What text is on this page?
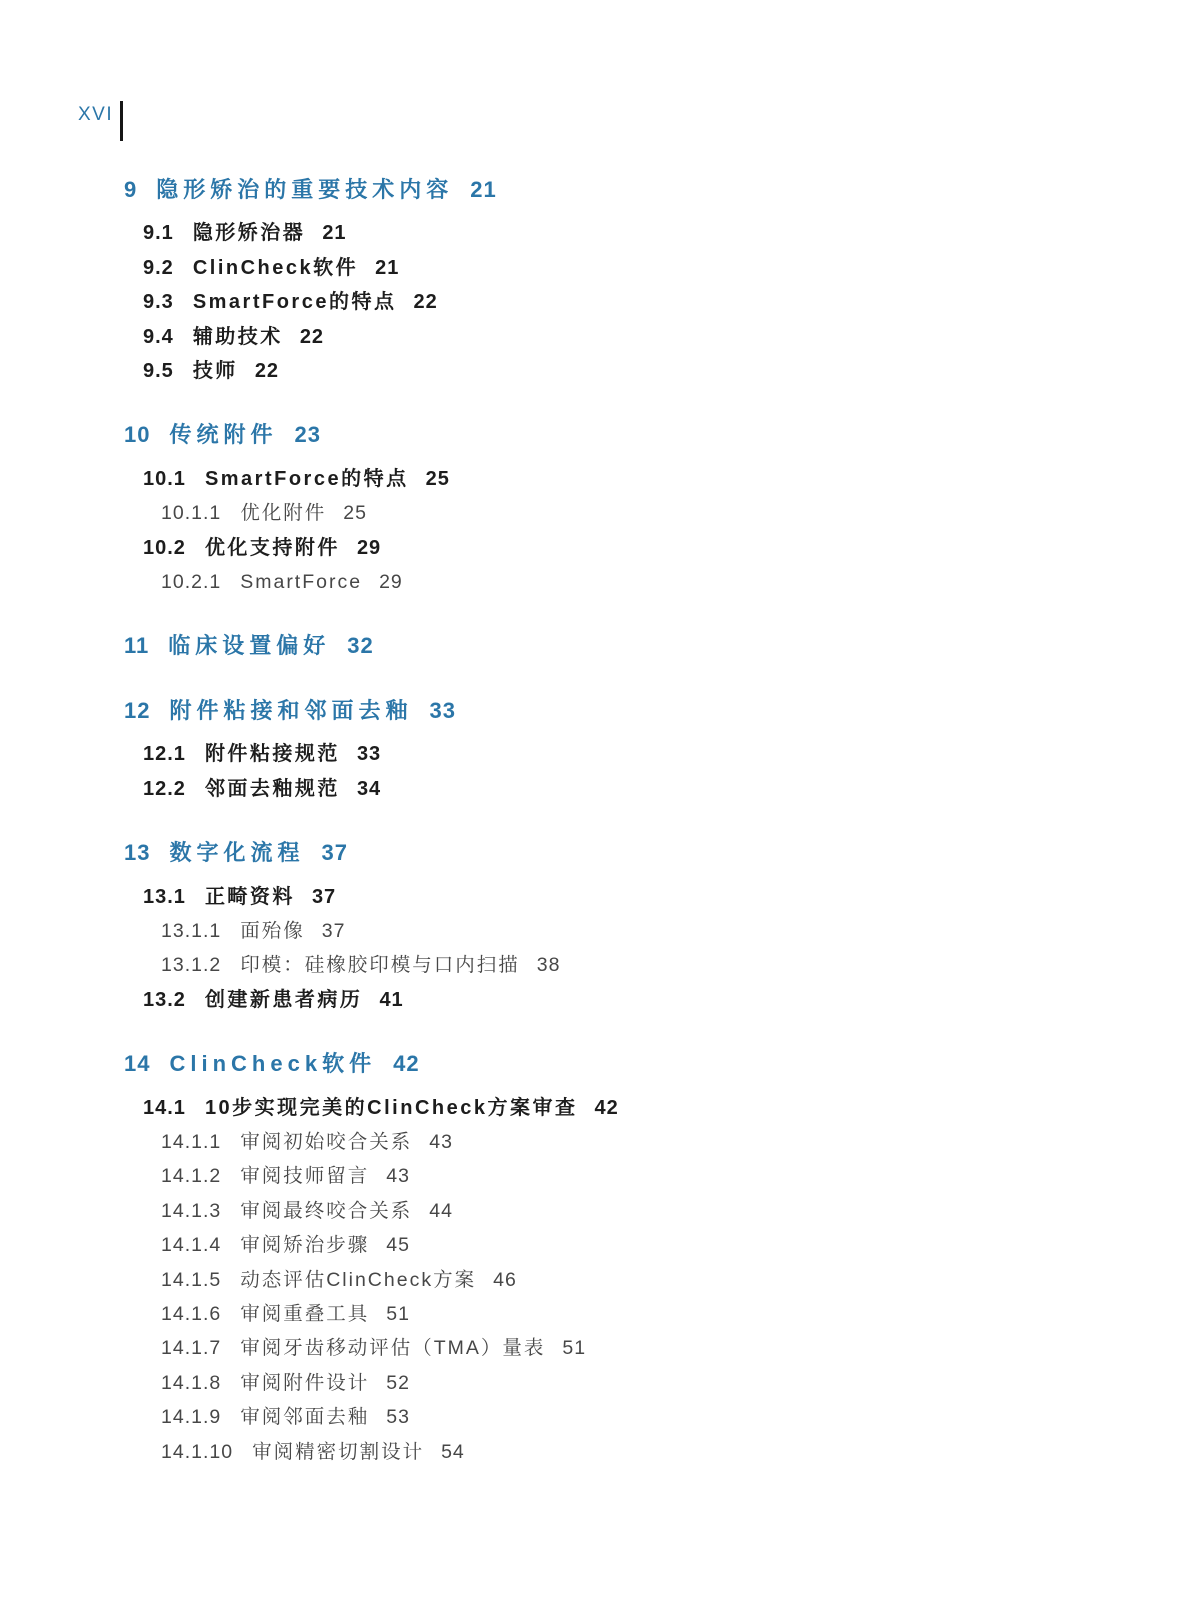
XVI
9 隐形矫治的重要技术内容 21
9.1 隐形矫治器 21
9.2 ClinCheck软件 21
9.3 SmartForce的特点 22
9.4 辅助技术 22
9.5 技师 22
10 传统附件 23
10.1 SmartForce的特点 25
10.1.1 优化附件 25
10.2 优化支持附件 29
10.2.1 SmartForce 29
11 临床设置偏好 32
12 附件粘接和邻面去釉 33
12.1 附件粘接规范 33
12.2 邻面去釉规范 34
13 数字化流程 37
13.1 正畸资料 37
13.1.1 面殆像 37
13.1.2 印模：硅橡胶印模与口内扫描 38
13.2 创建新患者病历 41
14 ClinCheck软件 42
14.1 10步实现完美的ClinCheck方案审查 42
14.1.1 审阅初始咬合关系 43
14.1.2 审阅技师留言 43
14.1.3 审阅最终咬合关系 44
14.1.4 审阅矫治步骤 45
14.1.5 动态评估ClinCheck方案 46
14.1.6 审阅重叠工具 51
14.1.7 审阅牙齿移动评估（TMA）量表 51
14.1.8 审阅附件设计 52
14.1.9 审阅邻面去釉 53
14.1.10 审阅精密切割设计 54
